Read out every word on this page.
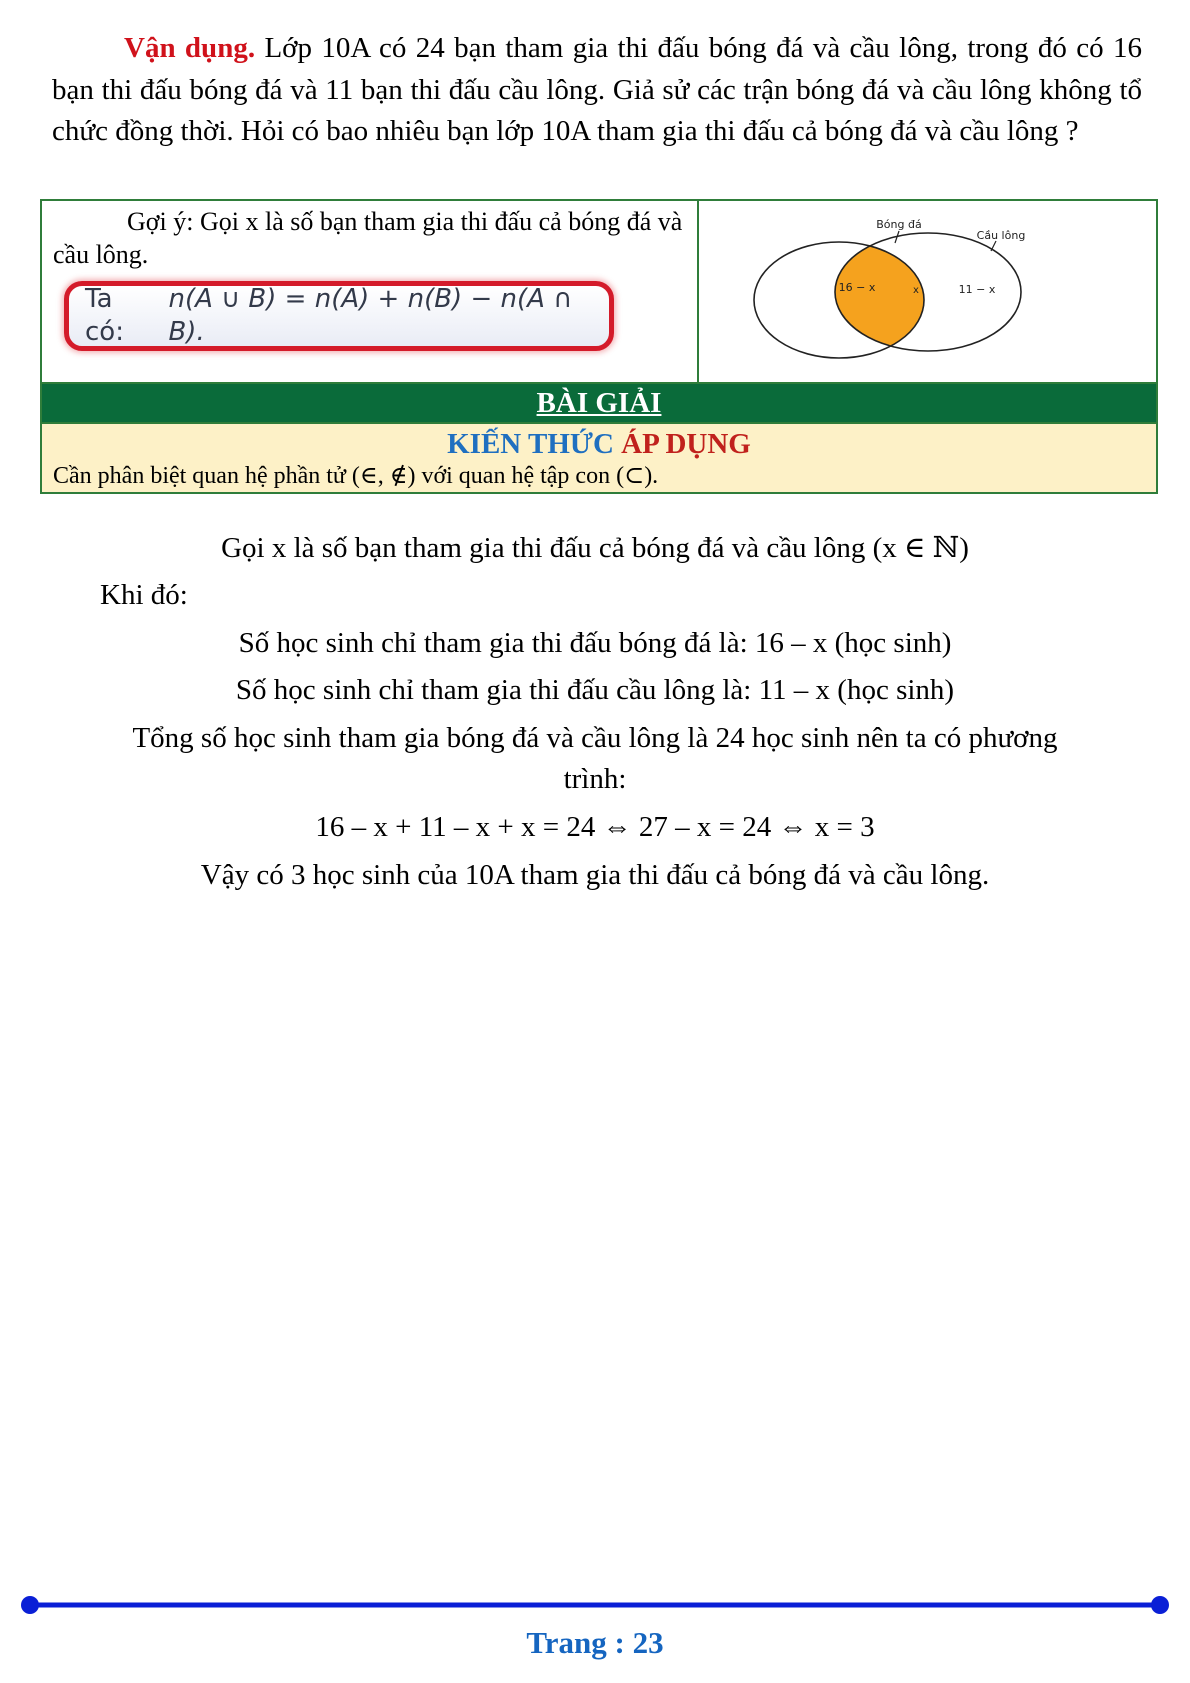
Vận dụng. Lớp 10A có 24 bạn tham gia thi đấu bóng đá và cầu lông, trong đó có 16 bạn thi đấu bóng đá và 11 bạn thi đấu cầu lông. Giả sử các trận bóng đá và cầu lông không tổ chức đồng thời. Hỏi có bao nhiêu bạn lớp 10A tham gia thi đấu cả bóng đá và cầu lông ?
Gợi ý: Gọi x là số bạn tham gia thi đấu cả bóng đá và cầu lông.
Ta có:
n(A ∪ B) = n(A) + n(B) − n(A ∩ B).
Bóng đá
Cầu lông
16 − x	x	11 − x
BÀI GIẢI
KIẾN THỨC ÁP DỤNG
Cần phân biệt quan hệ phần tử (∈, ∉) với quan hệ tập con (⊂).
Gọi x là số bạn tham gia thi đấu cả bóng đá và cầu lông (x ∈ ℕ)
Khi đó:
Số học sinh chỉ tham gia thi đấu bóng đá là: 16 – x (học sinh)
Số học sinh chỉ tham gia thi đấu cầu lông là: 11 – x (học sinh)
Tổng số học sinh tham gia bóng đá và cầu lông là 24 học sinh nên ta có phương
trình:
16 – x + 11 – x + x = 24 ⇔ 27 – x = 24 ⇔ x = 3
Vậy có 3 học sinh của 10A tham gia thi đấu cả bóng đá và cầu lông.
Trang : 23
